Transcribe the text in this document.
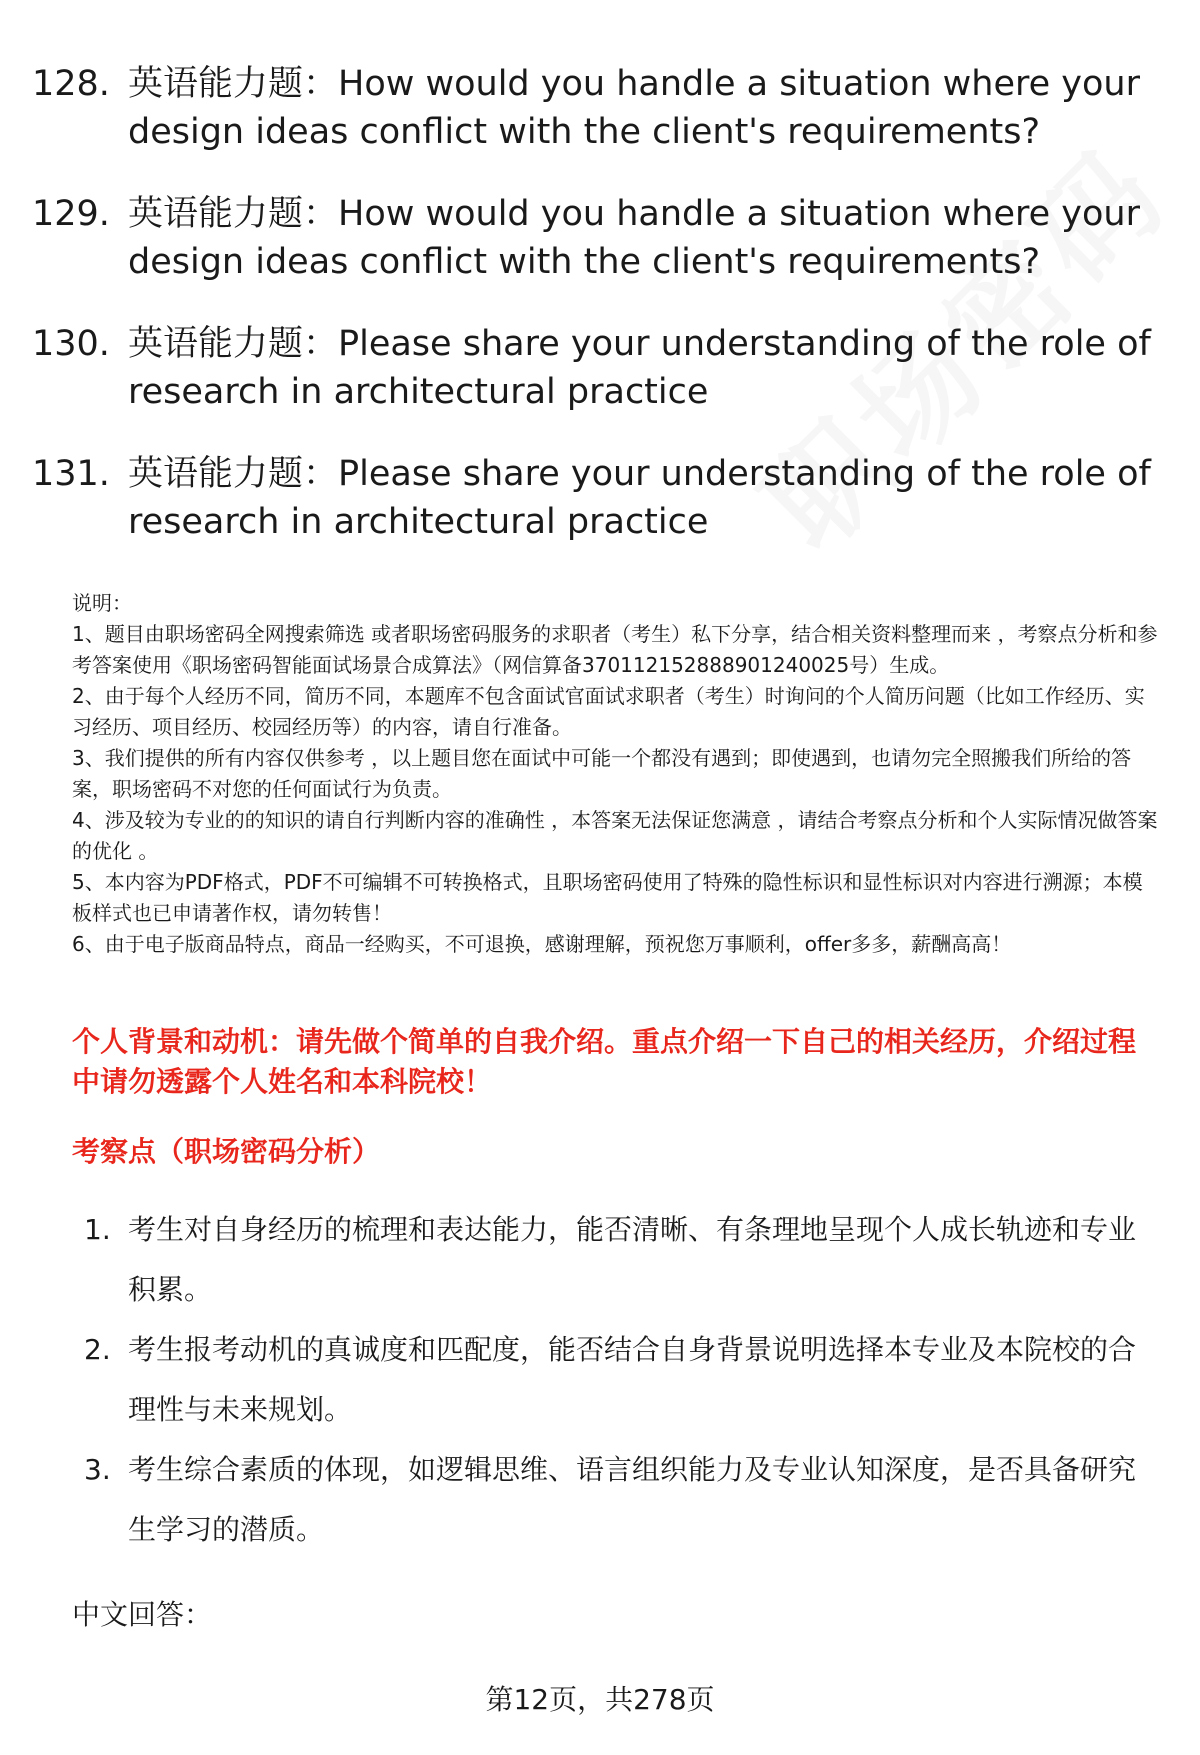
128. 英语能力题：How would you handle a situation where your design ideas conflict with the client's requirements?
129. 英语能力题：How would you handle a situation where your design ideas conflict with the client's requirements?
130. 英语能力题：Please share your understanding of the role of research in architectural practice
131. 英语能力题：Please share your understanding of the role of research in architectural practice

说明：

1、题目由职场密码全网搜索筛选 或者职场密码服务的求职者（考生）私下分享，结合相关资料整理而来 ，考察点分析和参考答案使用《职场密码智能面试场景合成算法》（网信算备370112152888901240025号）生成。

2、由于每个人经历不同，简历不同，本题库不包含面试官面试求职者（考生）时询问的个人简历问题（比如工作经历、实习经历、项目经历、校园经历等）的内容，请自行准备。

3、我们提供的所有内容仅供参考 ，以上题目您在面试中可能一个都没有遇到；即使遇到，也请勿完全照搬我们所给的答案，职场密码不对您的任何面试行为负责。

4、涉及较为专业的的知识的请自行判断内容的准确性 ，本答案无法保证您满意 ，请结合考察点分析和个人实际情况做答案的优化 。

5、本内容为PDF格式，PDF不可编辑不可转换格式，且职场密码使用了特殊的隐性标识和显性标识对内容进行溯源；本模板样式也已申请著作权，请勿转售！

6、由于电子版商品特点，商品一经购买，不可退换，感谢理解，预祝您万事顺利，offer多多，薪酬高高！

个人背景和动机：请先做个简单的自我介绍。重点介绍一下自己的相关经历，介绍过程中请勿透露个人姓名和本科院校！
考察点（职场密码分析）
1. 考生对自身经历的梳理和表达能力，能否清晰、有条理地呈现个人成长轨迹和专业积累。
2. 考生报考动机的真诚度和匹配度，能否结合自身背景说明选择本专业及本院校的合理性与未来规划。
3. 考生综合素质的体现，如逻辑思维、语言组织能力及专业认知深度，是否具备研究生学习的潜质。
中文回答：
第12页，共278页
